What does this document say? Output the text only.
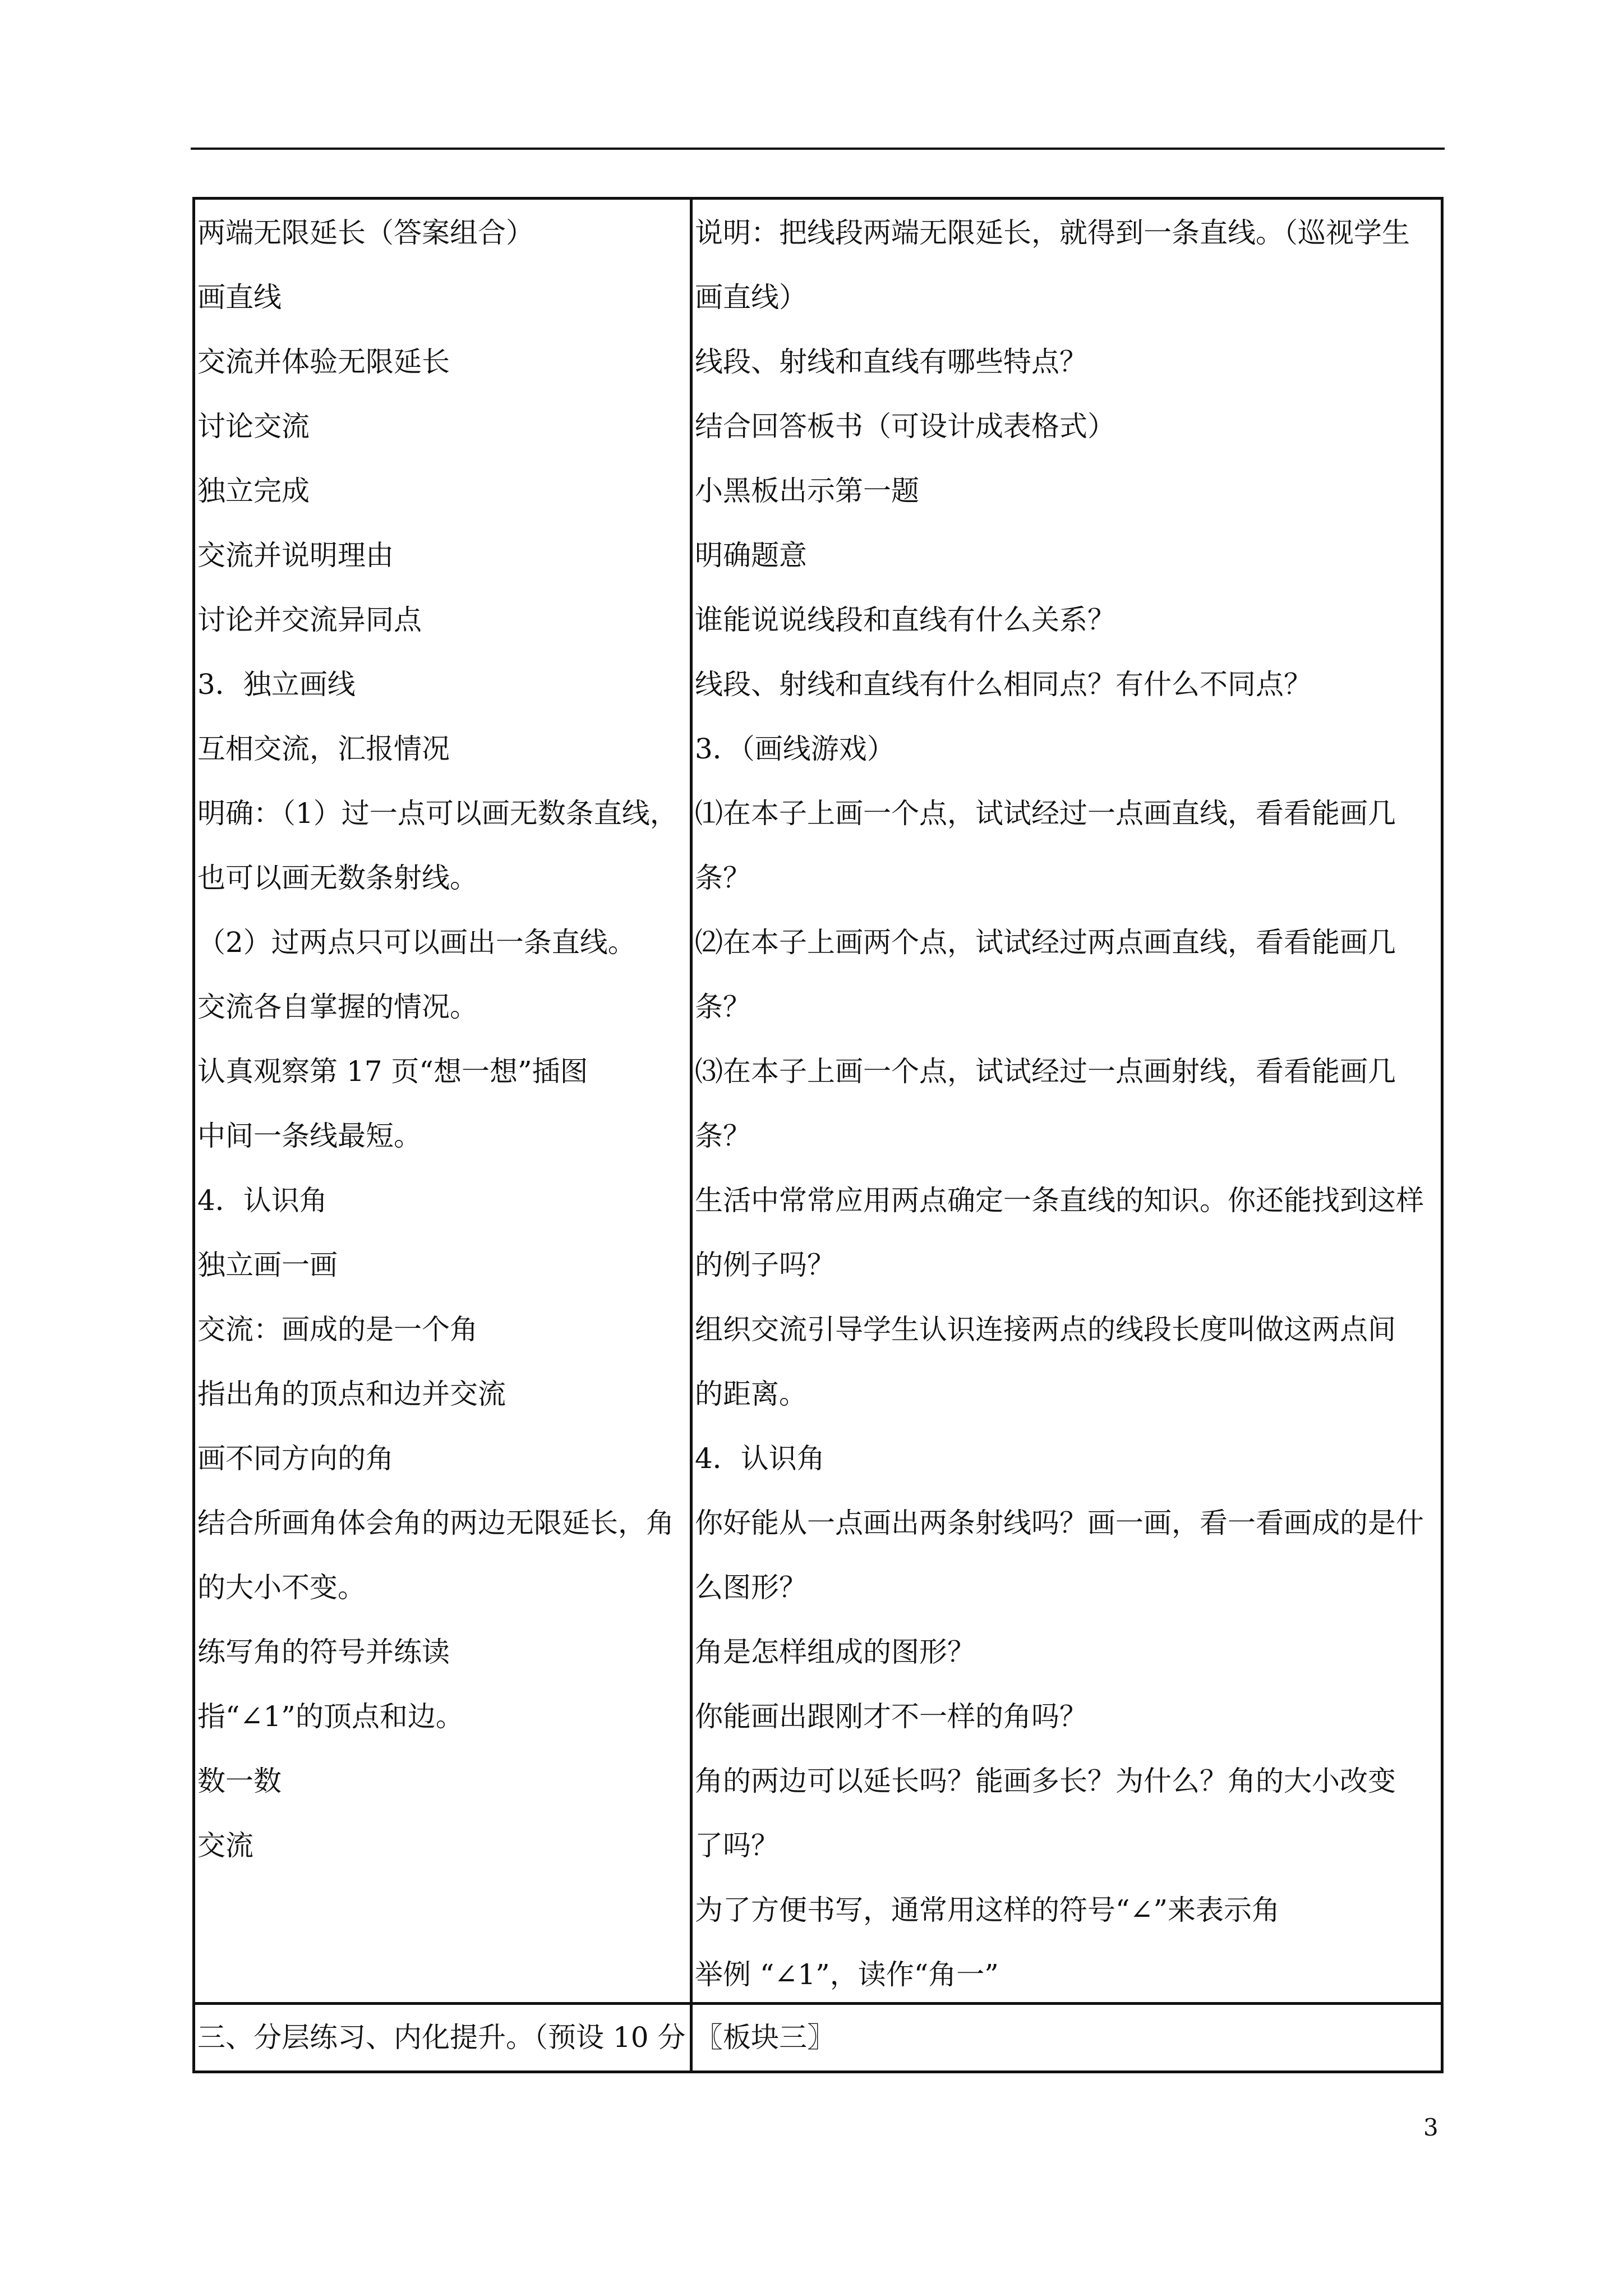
两端无限延长（答案组合）
画直线
交流并体验无限延长
讨论交流
独立完成
交流并说明理由
讨论并交流异同点
3．独立画线
互相交流，汇报情况
明确：（1）过一点可以画无数条直线，
也可以画无数条射线。
（2）过两点只可以画出一条直线。
交流各自掌握的情况。
认真观察第 17 页“想一想”插图
中间一条线最短。
4．认识角
独立画一画
交流：画成的是一个角
指出角的顶点和边并交流
画不同方向的角
结合所画角体会角的两边无限延长，角
的大小不变。
练写角的符号并练读
指“∠1”的顶点和边。
数一数
交流
说明：把线段两端无限延长，就得到一条直线。（巡视学生
画直线）
线段、射线和直线有哪些特点？
结合回答板书（可设计成表格式）
小黑板出示第一题
明确题意
谁能说说线段和直线有什么关系？
线段、射线和直线有什么相同点？有什么不同点？
3．（画线游戏）
⑴在本子上画一个点，试试经过一点画直线，看看能画几
条？
⑵在本子上画两个点，试试经过两点画直线，看看能画几
条？
⑶在本子上画一个点，试试经过一点画射线，看看能画几
条？
生活中常常应用两点确定一条直线的知识。你还能找到这样
的例子吗？
组织交流引导学生认识连接两点的线段长度叫做这两点间
的距离。
4．认识角
你好能从一点画出两条射线吗？画一画，看一看画成的是什
么图形？
角是怎样组成的图形？
你能画出跟刚才不一样的角吗？
角的两边可以延长吗？能画多长？为什么？角的大小改变
了吗？
为了方便书写，通常用这样的符号“∠”来表示角
举例 “∠1”，读作“角一”
三、分层练习、内化提升。（预设 10 分 〖板块三〗
3
